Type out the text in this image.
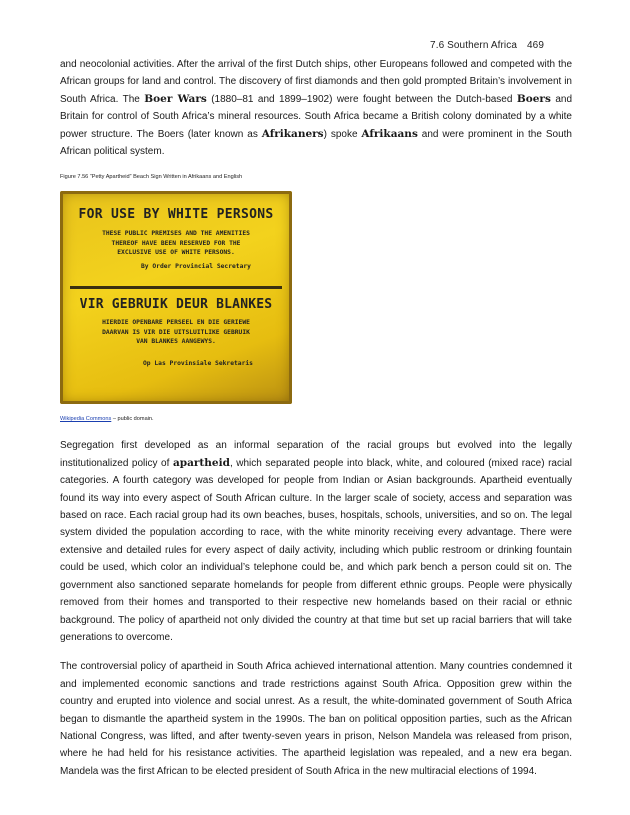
7.6 Southern Africa 469

and neocolonial activities. After the arrival of the first Dutch ships, other Europeans followed and competed with the African groups for land and control. The discovery of first diamonds and then gold prompted Britain’s involvement in South Africa. The Boer Wars (1880–81 and 1899–1902) were fought between the Dutch-based Boers and Britain for control of South Africa’s mineral resources. South Africa became a British colony dominated by a white power structure. The Boers (later known as Afrikaners) spoke Afrikaans and were prominent in the South African political system.

Figure 7.56 “Petty Apartheid” Beach Sign Written in Afrikaans and English
FOR USE BY WHITE PERSONS
THESE PUBLIC PREMISES AND THE AMENITIES
THEREOF HAVE BEEN RESERVED FOR THE
EXCLUSIVE USE OF WHITE PERSONS.
By Order Provincial Secretary
VIR GEBRUIK DEUR BLANKES
HIERDIE OPENBARE PERSEEL EN DIE GERIEWE
DAARVAN IS VIR DIE UITSLUITLIKE GEBRUIK
VAN BLANKES AANGEWYS.
Op Las Provinsiale Sekretaris
Wikipedia Commons – public domain.

Segregation first developed as an informal separation of the racial groups but evolved into the legally institutionalized policy of apartheid, which separated people into black, white, and coloured (mixed race) racial categories. A fourth category was developed for people from Indian or Asian backgrounds. Apartheid eventually found its way into every aspect of South African culture. In the larger scale of society, access and separation was based on race. Each racial group had its own beaches, buses, hospitals, schools, universities, and so on. The legal system divided the population according to race, with the white minority receiving every advantage. There were extensive and detailed rules for every aspect of daily activity, including which public restroom or drinking fountain could be used, which color an individual’s telephone could be, and which park bench a person could sit on. The government also sanctioned separate homelands for people from different ethnic groups. People were physically removed from their homes and transported to their respective new homelands based on their racial or ethnic background. The policy of apartheid not only divided the country at that time but set up racial barriers that will take generations to overcome.

The controversial policy of apartheid in South Africa achieved international attention. Many countries condemned it and implemented economic sanctions and trade restrictions against South Africa. Opposition grew within the country and erupted into violence and social unrest. As a result, the white-dominated government of South Africa began to dismantle the apartheid system in the 1990s. The ban on political opposition parties, such as the African National Congress, was lifted, and after twenty-seven years in prison, Nelson Mandela was released from prison, where he had held for his resistance activities. The apartheid legislation was repealed, and a new era began. Mandela was the first African to be elected president of South Africa in the new multiracial elections of 1994.
